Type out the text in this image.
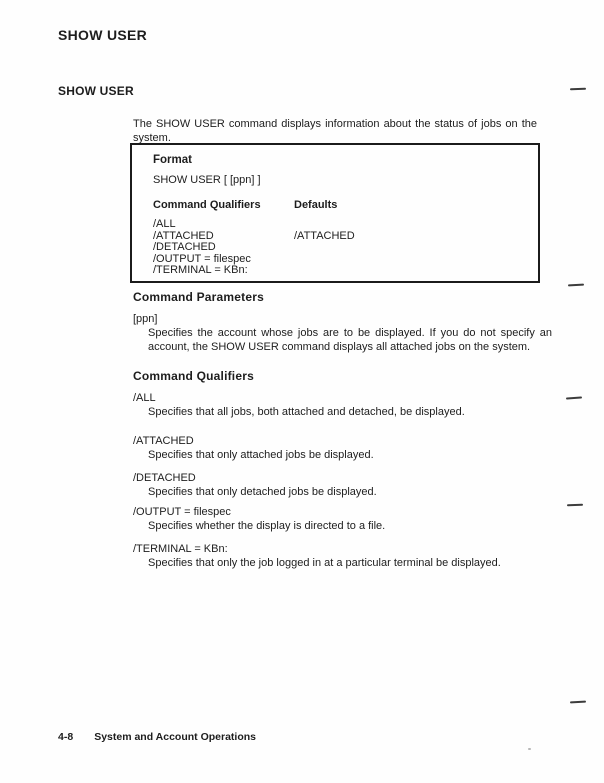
SHOW USER
SHOW USER

The SHOW USER command displays information about the status of jobs on the system.

Format
SHOW USER [ [ppn] ]
Command Qualifiers	Defaults
/ALL
/ATTACHED	/ATTACHED
/DETACHED
/OUTPUT = filespec
/TERMINAL = KBn:
Command Parameters
[ppn]
Specifies the account whose jobs are to be displayed. If you do not specify an account, the SHOW USER command displays all attached jobs on the system.
Command Qualifiers
/ALL
Specifies that all jobs, both attached and detached, be displayed.
/ATTACHED
Specifies that only attached jobs be displayed.
/DETACHED
Specifies that only detached jobs be displayed.
/OUTPUT = filespec
Specifies whether the display is directed to a file.
/TERMINAL = KBn:
Specifies that only the job logged in at a particular terminal be displayed.
4-8 System and Account Operations
